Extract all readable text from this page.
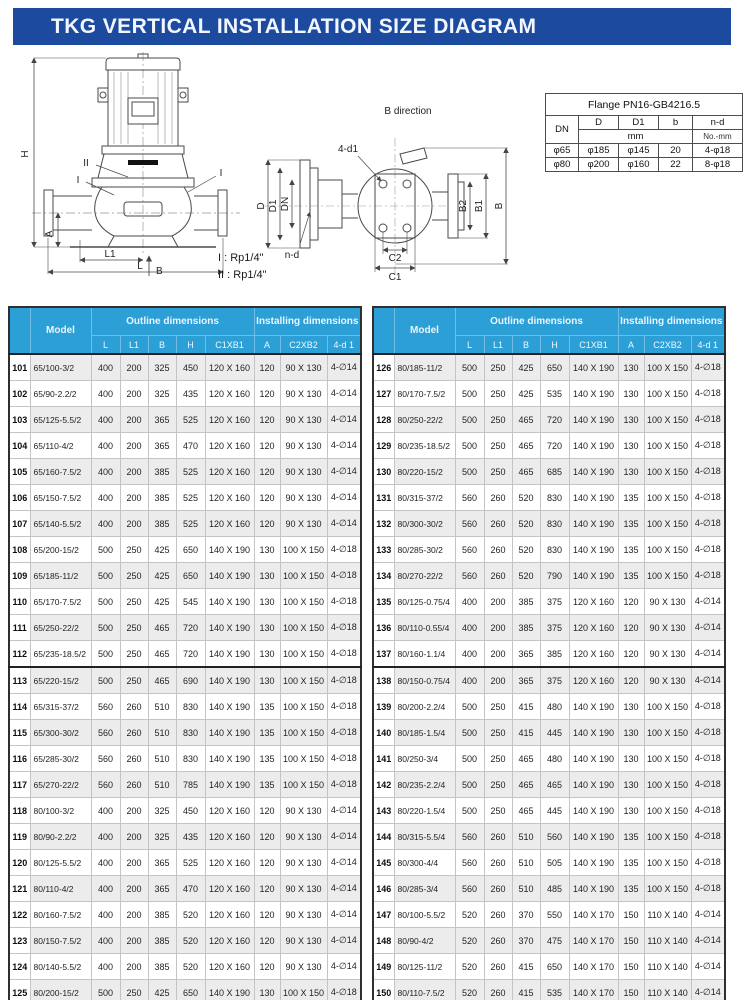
TKG VERTICAL INSTALLATION SIZE DIAGRAM
H
A
L1
L B
II
I
I
I : Rp1/4"
II : Rp1/4"
B direction
4-d1
D D1 DN
n-d
B2 B1 B
C2
C1
Flange PN16-GB4216.5				
DN	D	D1	b	n-d
	mm			No.-mm
φ65	φ185	φ145	20	4-φ18
φ80	φ200	φ160	22	8-φ18
	Model	Outline dimensions					Installing dimensions		
		L	L1	B	H	C1XB1	A	C2XB2	4-d 1
101	65/100-3/2	400	200	325	450	120 X 160	120	90 X 130	4-∅14
102	65/90-2.2/2	400	200	325	435	120 X 160	120	90 X 130	4-∅14
103	65/125-5.5/2	400	200	365	525	120 X 160	120	90 X 130	4-∅14
104	65/110-4/2	400	200	365	470	120 X 160	120	90 X 130	4-∅14
105	65/160-7.5/2	400	200	385	525	120 X 160	120	90 X 130	4-∅14
106	65/150-7.5/2	400	200	385	525	120 X 160	120	90 X 130	4-∅14
107	65/140-5.5/2	400	200	385	525	120 X 160	120	90 X 130	4-∅14
108	65/200-15/2	500	250	425	650	140 X 190	130	100 X 150	4-∅18
109	65/185-11/2	500	250	425	650	140 X 190	130	100 X 150	4-∅18
110	65/170-7.5/2	500	250	425	545	140 X 190	130	100 X 150	4-∅18
111	65/250-22/2	500	250	465	720	140 X 190	130	100 X 150	4-∅18
112	65/235-18.5/2	500	250	465	720	140 X 190	130	100 X 150	4-∅18
113	65/220-15/2	500	250	465	690	140 X 190	130	100 X 150	4-∅18
114	65/315-37/2	560	260	510	830	140 X 190	135	100 X 150	4-∅18
115	65/300-30/2	560	260	510	830	140 X 190	135	100 X 150	4-∅18
116	65/285-30/2	560	260	510	830	140 X 190	135	100 X 150	4-∅18
117	65/270-22/2	560	260	510	785	140 X 190	135	100 X 150	4-∅18
118	80/100-3/2	400	200	325	450	120 X 160	120	90 X 130	4-∅14
119	80/90-2.2/2	400	200	325	435	120 X 160	120	90 X 130	4-∅14
120	80/125-5.5/2	400	200	365	525	120 X 160	120	90 X 130	4-∅14
121	80/110-4/2	400	200	365	470	120 X 160	120	90 X 130	4-∅14
122	80/160-7.5/2	400	200	385	520	120 X 160	120	90 X 130	4-∅14
123	80/150-7.5/2	400	200	385	520	120 X 160	120	90 X 130	4-∅14
124	80/140-5.5/2	400	200	385	520	120 X 160	120	90 X 130	4-∅14
125	80/200-15/2	500	250	425	650	140 X 190	130	100 X 150	4-∅18
	Model	Outline dimensions					Installing dimensions		
		L	L1	B	H	C1XB1	A	C2XB2	4-d 1
126	80/185-11/2	500	250	425	650	140 X 190	130	100 X 150	4-∅18
127	80/170-7.5/2	500	250	425	535	140 X 190	130	100 X 150	4-∅18
128	80/250-22/2	500	250	465	720	140 X 190	130	100 X 150	4-∅18
129	80/235-18.5/2	500	250	465	720	140 X 190	130	100 X 150	4-∅18
130	80/220-15/2	500	250	465	685	140 X 190	130	100 X 150	4-∅18
131	80/315-37/2	560	260	520	830	140 X 190	135	100 X 150	4-∅18
132	80/300-30/2	560	260	520	830	140 X 190	135	100 X 150	4-∅18
133	80/285-30/2	560	260	520	830	140 X 190	135	100 X 150	4-∅18
134	80/270-22/2	560	260	520	790	140 X 190	135	100 X 150	4-∅18
135	80/125-0.75/4	400	200	385	375	120 X 160	120	90 X 130	4-∅14
136	80/110-0.55/4	400	200	385	375	120 X 160	120	90 X 130	4-∅14
137	80/160-1.1/4	400	200	365	385	120 X 160	120	90 X 130	4-∅14
138	80/150-0.75/4	400	200	365	375	120 X 160	120	90 X 130	4-∅14
139	80/200-2.2/4	500	250	415	480	140 X 190	130	100 X 150	4-∅18
140	80/185-1.5/4	500	250	415	445	140 X 190	130	100 X 150	4-∅18
141	80/250-3/4	500	250	465	480	140 X 190	130	100 X 150	4-∅18
142	80/235-2.2/4	500	250	465	465	140 X 190	130	100 X 150	4-∅18
143	80/220-1.5/4	500	250	465	445	140 X 190	130	100 X 150	4-∅18
144	80/315-5.5/4	560	260	510	560	140 X 190	135	100 X 150	4-∅18
145	80/300-4/4	560	260	510	505	140 X 190	135	100 X 150	4-∅18
146	80/285-3/4	560	260	510	485	140 X 190	135	100 X 150	4-∅18
147	80/100-5.5/2	520	260	370	550	140 X 170	150	110 X 140	4-∅14
148	80/90-4/2	520	260	370	475	140 X 170	150	110 X 140	4-∅14
149	80/125-11/2	520	260	415	650	140 X 170	150	110 X 140	4-∅14
150	80/110-7.5/2	520	260	415	535	140 X 170	150	110 X 140	4-∅14
